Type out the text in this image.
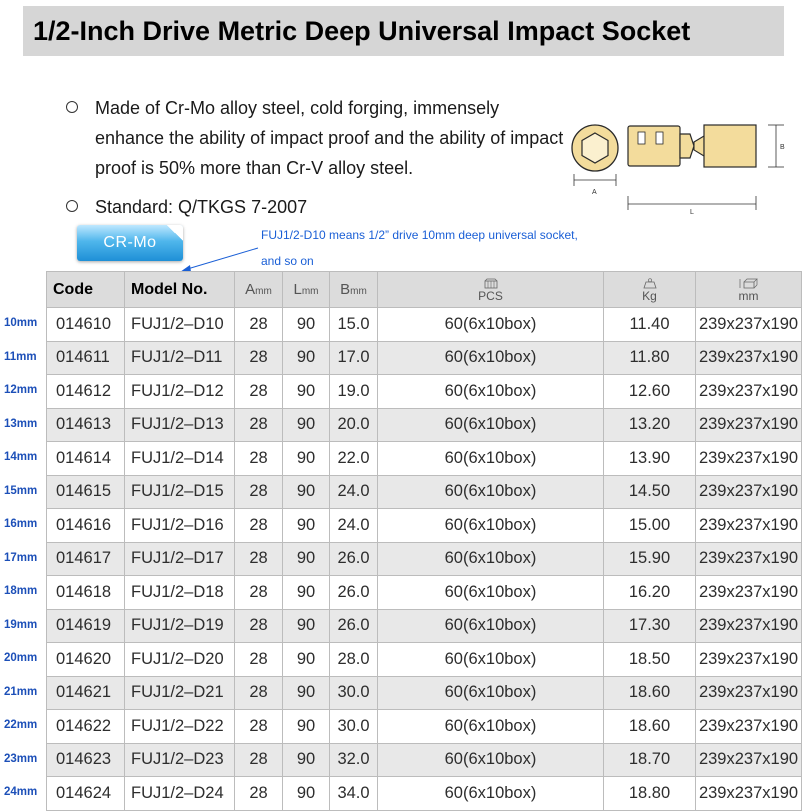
1/2-Inch Drive Metric Deep Universal Impact Socket
Made of Cr-Mo alloy steel, cold forging, immensely enhance the ability of impact proof and the ability of impact proof is 50% more than Cr-V alloy steel.
Standard: Q/TKGS 7-2007
A
L
B
CR-Mo	FUJ1/2-D10 means 1/2” drive 10mm deep universal socket,
and so on
Code	Model No.	Amm	Lmm	Bmm	PCS	Kg	mm

014610	FUJ1/2–D10	28	90	15.0	60(6x10box)	11.40	239x237x190
014611	FUJ1/2–D11	28	90	17.0	60(6x10box)	11.80	239x237x190
014612	FUJ1/2–D12	28	90	19.0	60(6x10box)	12.60	239x237x190
014613	FUJ1/2–D13	28	90	20.0	60(6x10box)	13.20	239x237x190
014614	FUJ1/2–D14	28	90	22.0	60(6x10box)	13.90	239x237x190
014615	FUJ1/2–D15	28	90	24.0	60(6x10box)	14.50	239x237x190
014616	FUJ1/2–D16	28	90	24.0	60(6x10box)	15.00	239x237x190
014617	FUJ1/2–D17	28	90	26.0	60(6x10box)	15.90	239x237x190
014618	FUJ1/2–D18	28	90	26.0	60(6x10box)	16.20	239x237x190
014619	FUJ1/2–D19	28	90	26.0	60(6x10box)	17.30	239x237x190
014620	FUJ1/2–D20	28	90	28.0	60(6x10box)	18.50	239x237x190
014621	FUJ1/2–D21	28	90	30.0	60(6x10box)	18.60	239x237x190
014622	FUJ1/2–D22	28	90	30.0	60(6x10box)	18.60	239x237x190
014623	FUJ1/2–D23	28	90	32.0	60(6x10box)	18.70	239x237x190
014624	FUJ1/2–D24	28	90	34.0	60(6x10box)	18.80	239x237x190
10mm
11mm
12mm
13mm
14mm
15mm
16mm
17mm
18mm
19mm
20mm
21mm
22mm
23mm
24mm
